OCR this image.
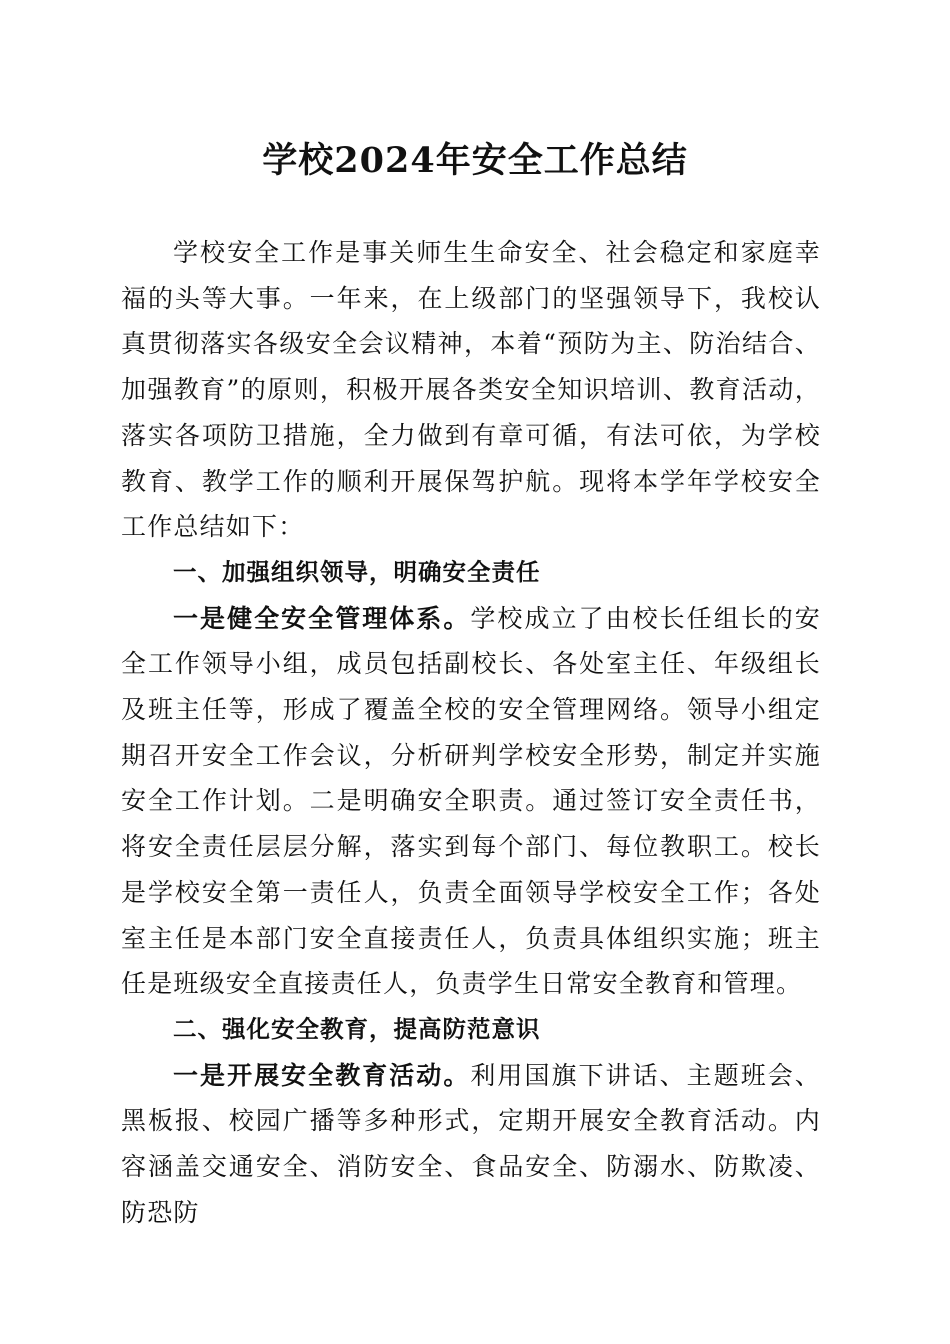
学校2024年安全工作总结

学校安全工作是事关师生生命安全、社会稳定和家庭幸福的头等大事。一年来，在上级部门的坚强领导下，我校认真贯彻落实各级安全会议精神，本着“预防为主、防治结合、加强教育”的原则，积极开展各类安全知识培训、教育活动，落实各项防卫措施，全力做到有章可循，有法可依，为学校教育、教学工作的顺利开展保驾护航。现将本学年学校安全工作总结如下：

一、加强组织领导，明确安全责任

一是健全安全管理体系。学校成立了由校长任组长的安全工作领导小组，成员包括副校长、各处室主任、年级组长及班主任等，形成了覆盖全校的安全管理网络。领导小组定期召开安全工作会议，分析研判学校安全形势，制定并实施安全工作计划。二是明确安全职责。通过签订安全责任书，将安全责任层层分解，落实到每个部门、每位教职工。校长是学校安全第一责任人，负责全面领导学校安全工作；各处室主任是本部门安全直接责任人，负责具体组织实施；班主任是班级安全直接责任人，负责学生日常安全教育和管理。

二、强化安全教育，提高防范意识

一是开展安全教育活动。利用国旗下讲话、主题班会、黑板报、校园广播等多种形式，定期开展安全教育活动。内容涵盖交通安全、消防安全、食品安全、防溺水、防欺凌、防恐防
